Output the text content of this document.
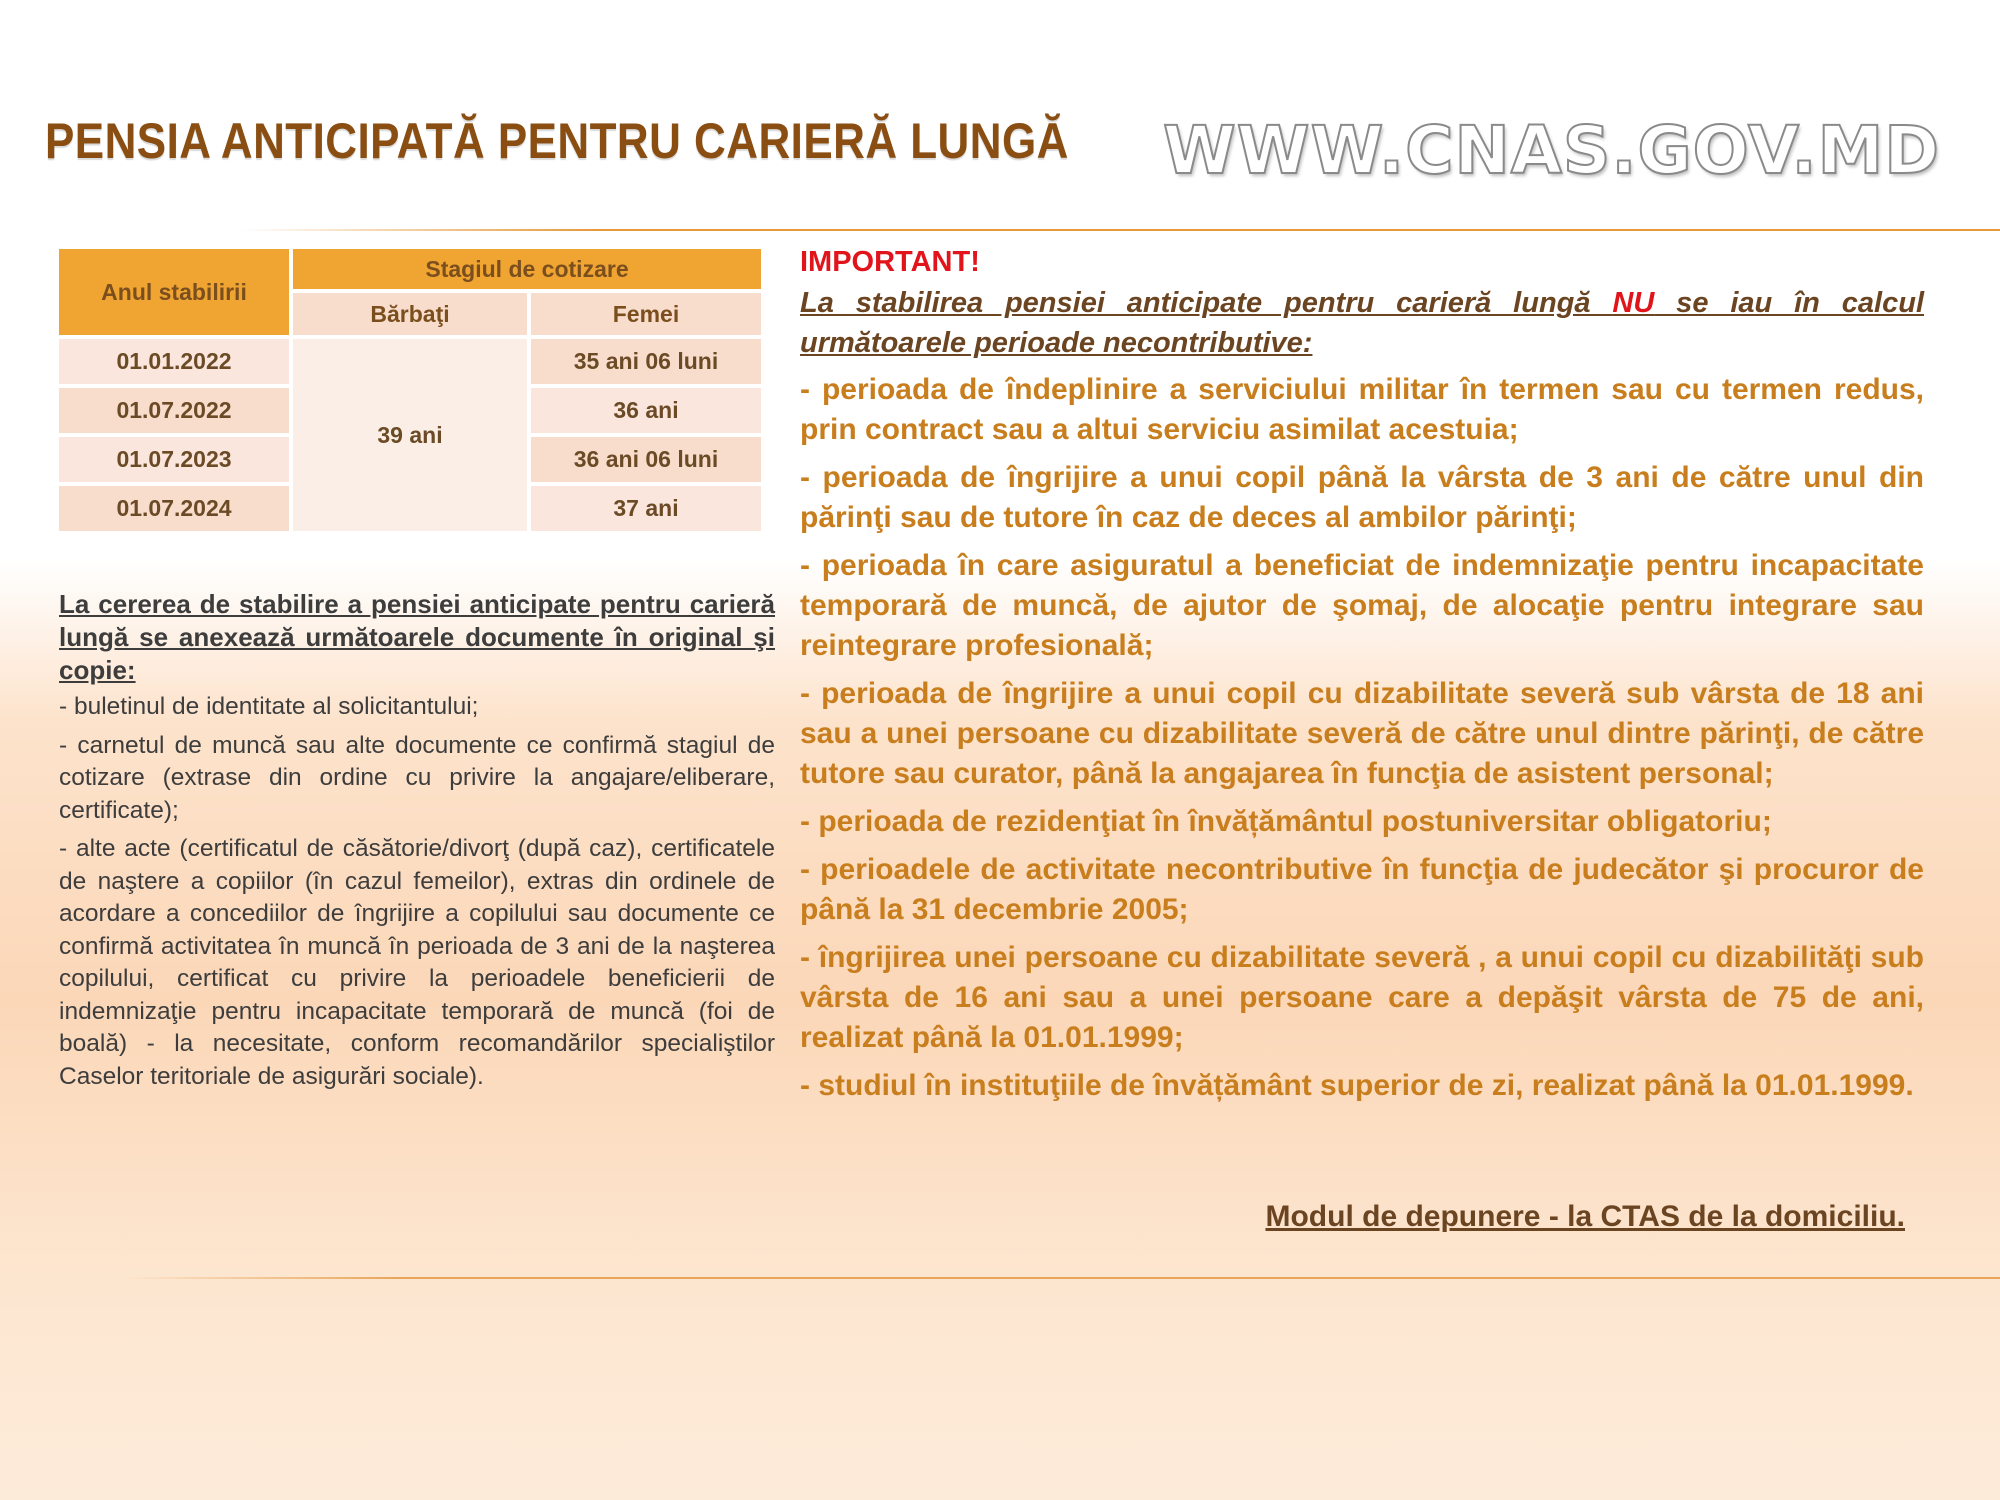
PENSIA ANTICIPATĂ PENTRU CARIERĂ LUNGĂ WWW.CNAS.GOV.MD
Anul stabilirii	Stagiul de cotizare	
	Bărbaţi	Femei
01.01.2022	39 ani	35 ani 06 luni
01.07.2022		36 ani
01.07.2023		36 ani 06 luni
01.07.2024		37 ani
La cererea de stabilire a pensiei anticipate pentru carieră lungă se anexează următoarele documente în original şi copie:

- buletinul de identitate al solicitantului;

- carnetul de muncă sau alte documente ce confirmă stagiul de cotizare (extrase din ordine cu privire la angajare/eliberare, certificate);

- alte acte (certificatul de căsătorie/divorţ (după caz), certificatele de naştere a copiilor (în cazul femeilor), extras din ordinele de acordare a concediilor de îngrijire a copilului sau documente ce confirmă activitatea în muncă în perioada de 3 ani de la naşterea copilului, certificat cu privire la perioadele beneficierii de indemnizaţie pentru incapacitate temporară de muncă (foi de boală) - la necesitate, conform recomandărilor specialiştilor Caselor teritoriale de asigurări sociale).

IMPORTANT!

La stabilirea pensiei anticipate pentru carieră lungă NU se iau în calcul următoarele perioade necontributive:

- perioada de îndeplinire a serviciului militar în termen sau cu termen redus, prin contract sau a altui serviciu asimilat acestuia;

- perioada de îngrijire a unui copil până la vârsta de 3 ani de către unul din părinţi sau de tutore în caz de deces al ambilor părinţi;

- perioada în care asiguratul a beneficiat de indemnizaţie pentru incapacitate temporară de muncă, de ajutor de şomaj, de alocaţie pentru integrare sau reintegrare profesională;

- perioada de îngrijire a unui copil cu dizabilitate severă sub vârsta de 18 ani sau a unei persoane cu dizabilitate severă de către unul dintre părinţi, de către tutore sau curator, până la angajarea în funcţia de asistent personal;

- perioada de rezidenţiat în învățământul postuniversitar obligatoriu;

- perioadele de activitate necontributive în funcţia de judecător şi procuror de până la 31 decembrie 2005;

- îngrijirea unei persoane cu dizabilitate severă , a unui copil cu dizabilităţi sub vârsta de 16 ani sau a unei persoane care a depăşit vârsta de 75 de ani, realizat până la 01.01.1999;

- studiul în instituţiile de învățământ superior de zi, realizat până la 01.01.1999.

Modul de depunere - la CTAS de la domiciliu.
